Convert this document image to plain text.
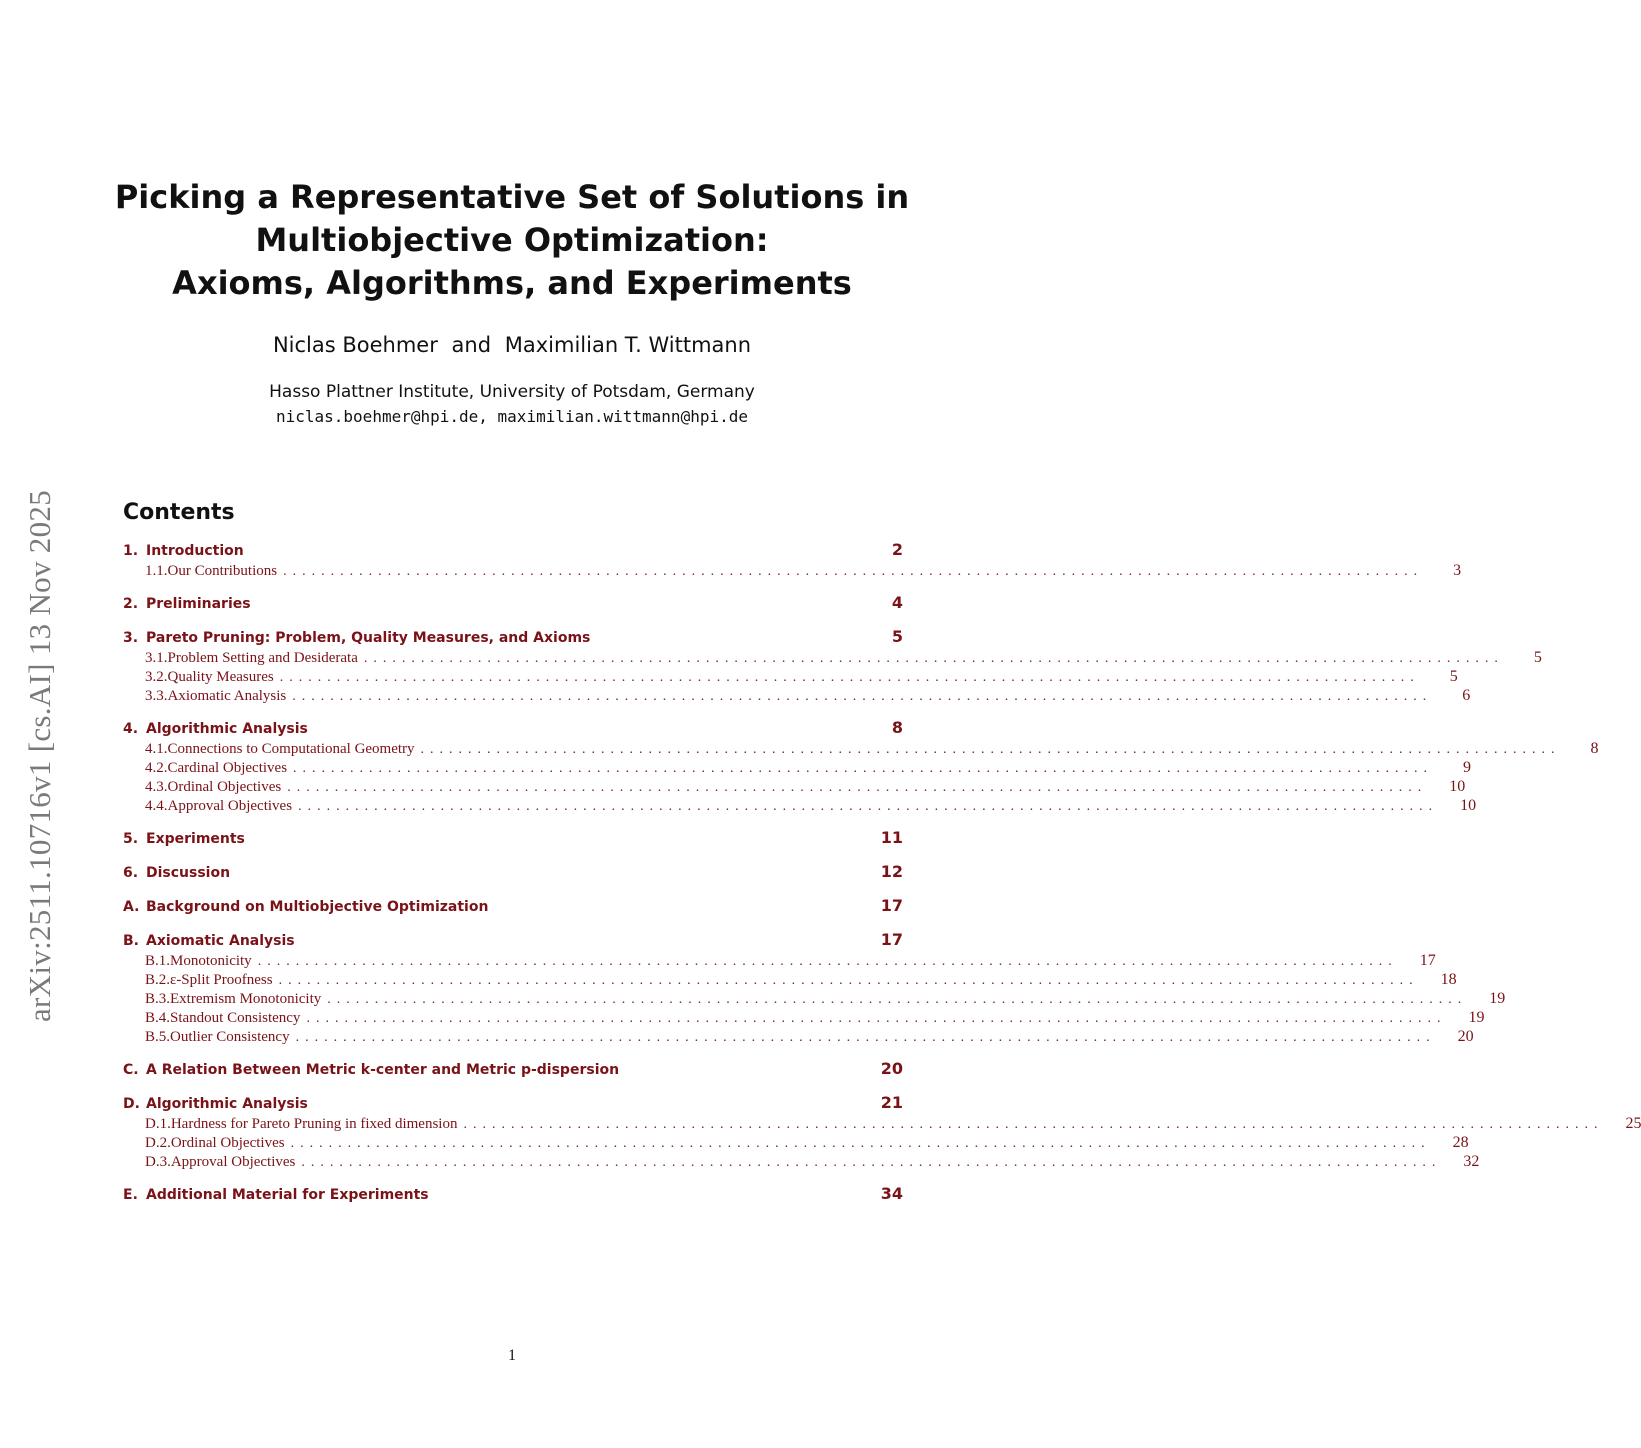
arXiv:2511.10716v1 [cs.AI] 13 Nov 2025
Picking a Representative Set of Solutions in
Multiobjective Optimization:
Axioms, Algorithms, and Experiments
Niclas Boehmer and Maximilian T. Wittmann
Hasso Plattner Institute, University of Potsdam, Germany
niclas.boehmer@hpi.de, maximilian.wittmann@hpi.de
Contents
1. Introduction	2
1.1. Our Contributions ........................................................................................................................	3
2. Preliminaries	4
3. Pareto Pruning: Problem, Quality Measures, and Axioms	5
3.1. Problem Setting and Desiderata ........................................................................................................................	5
3.2. Quality Measures ........................................................................................................................	5
3.3. Axiomatic Analysis ........................................................................................................................	6
4. Algorithmic Analysis	8
4.1. Connections to Computational Geometry ........................................................................................................................	8
4.2. Cardinal Objectives ........................................................................................................................	9
4.3. Ordinal Objectives ........................................................................................................................	10
4.4. Approval Objectives ........................................................................................................................	10
5. Experiments	11
6. Discussion	12
A. Background on Multiobjective Optimization	17
B. Axiomatic Analysis	17
B.1. Monotonicity ........................................................................................................................	17
B.2. ε-Split Proofness ........................................................................................................................	18
B.3. Extremism Monotonicity ........................................................................................................................	19
B.4. Standout Consistency ........................................................................................................................	19
B.5. Outlier Consistency ........................................................................................................................	20
C. A Relation Between Metric k-center and Metric p-dispersion	20
D. Algorithmic Analysis	21
D.1. Hardness for Pareto Pruning in fixed dimension ........................................................................................................................	25
D.2. Ordinal Objectives ........................................................................................................................	28
D.3. Approval Objectives ........................................................................................................................	32
E. Additional Material for Experiments	34
1
